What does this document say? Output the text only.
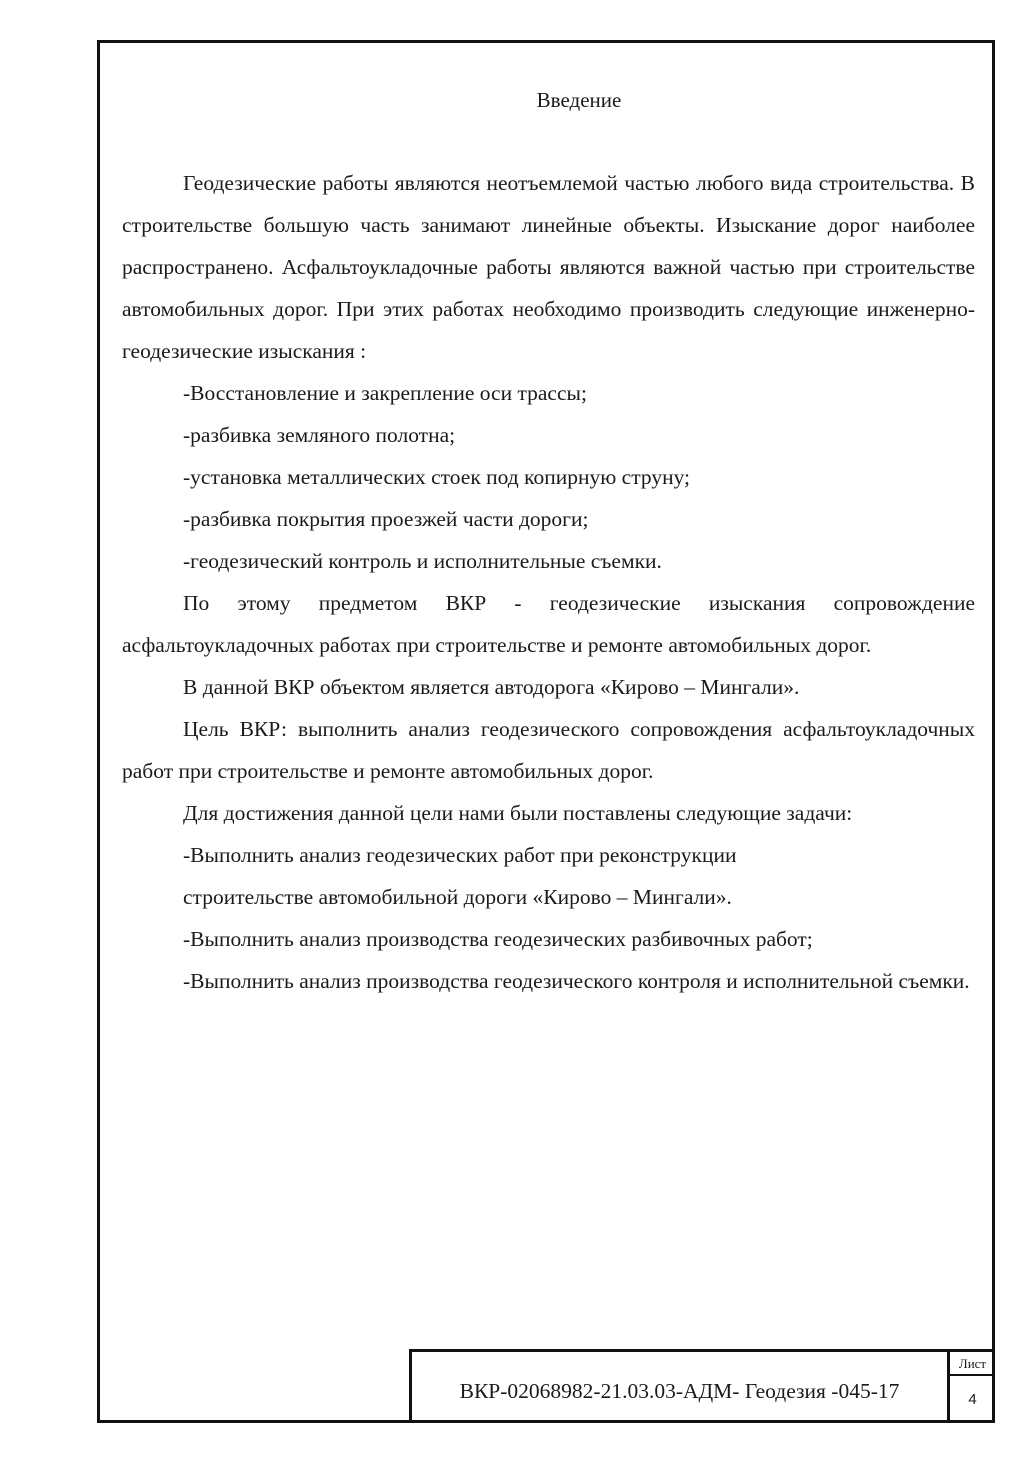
Введение

Геодезические работы являются неотъемлемой частью любого вида строительства. В строительстве большую часть занимают линейные объекты. Изыскание дорог наиболее распространено. Асфальтоукладочные работы являются важной частью при строительстве автомобильных дорог. При этих работах необходимо производить следующие инженерно-геодезические изыскания :

-Восстановление и закрепление оси трассы;

-разбивка земляного полотна;

-установка металлических стоек под копирную струну;

-разбивка покрытия проезжей части дороги;

-геодезический контроль и исполнительные съемки.

По этому предметом ВКР - геодезические изыскания сопровождение асфальтоукладочных работах при строительстве и ремонте автомобильных дорог.

В данной ВКР объектом является автодорога «Кирово – Мингали».

Цель ВКР: выполнить анализ геодезического сопровождения асфальтоукладочных работ при строительстве и ремонте автомобильных дорог.

Для достижения данной цели нами были поставлены следующие задачи:

-Выполнить анализ геодезических работ при реконструкции

строительстве автомобильной дороги «Кирово – Мингали».

-Выполнить анализ производства геодезических разбивочных работ;

-Выполнить анализ производства геодезического контроля и исполнительной съемки.

ВКР-02068982-21.03.03-АДМ- Геодезия -045-17
Лист
4
